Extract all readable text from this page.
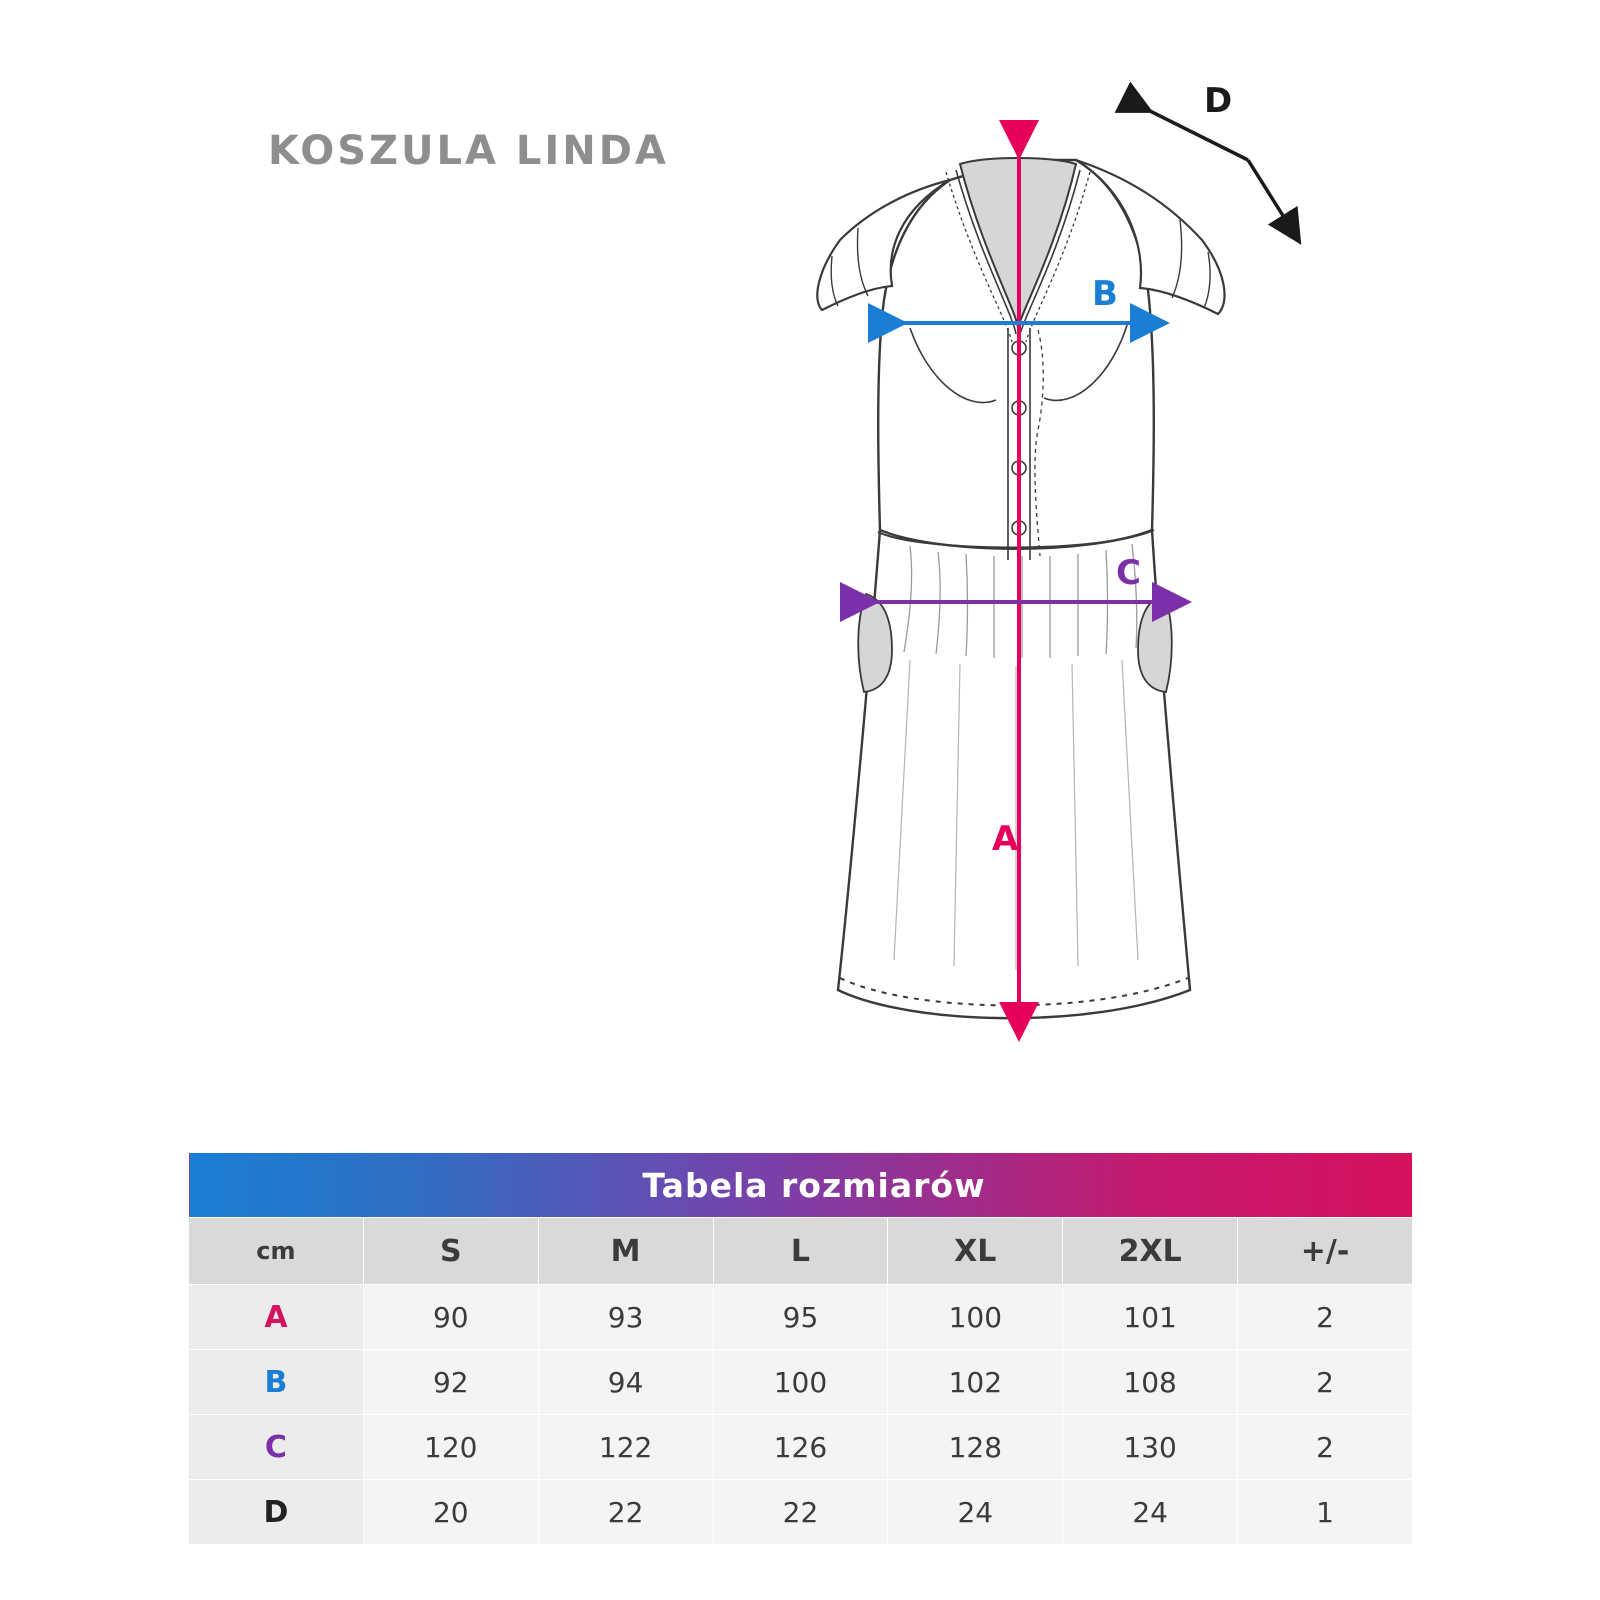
KOSZULA LINDA
A
B
C
D
Tabela rozmiarów						
cm	S	M	L	XL	2XL	+/-
A	90	93	95	100	101	2
B	92	94	100	102	108	2
C	120	122	126	128	130	2
D	20	22	22	24	24	1
